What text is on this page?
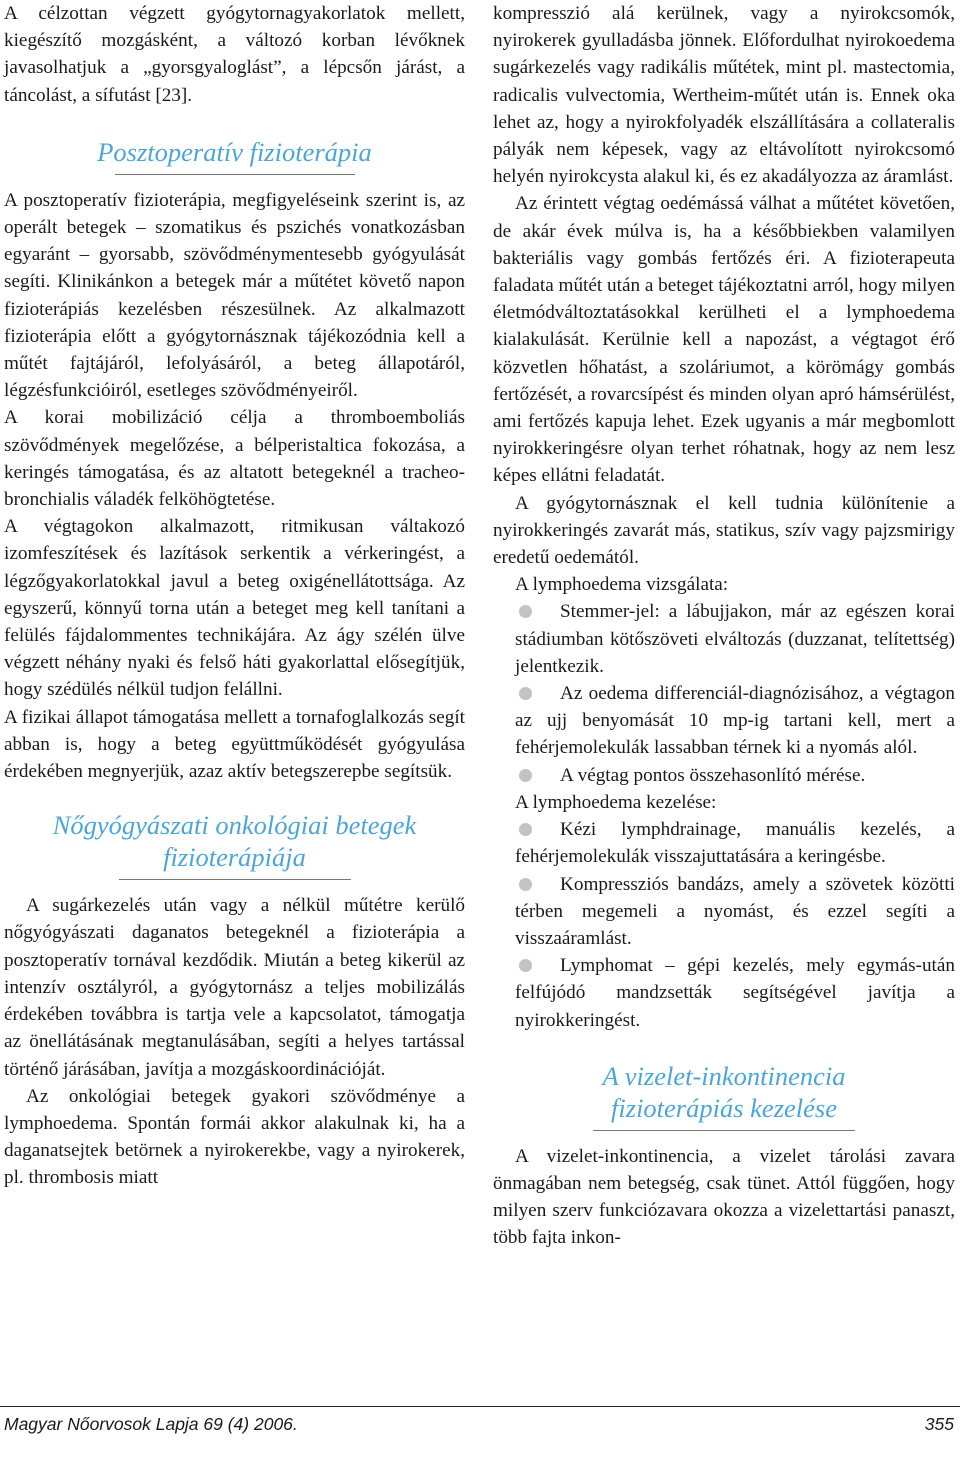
A célzottan végzett gyógytornagyakorlatok mellett, kiegészítő mozgásként, a változó korban lévőknek javasolhatjuk a „gyorsgyaloglást”, a lépcsőn járást, a táncolást, a sífutást [23].

Posztoperatív fizioterápia

A posztoperatív fizioterápia, megfigyeléseink szerint is, az operált betegek – szomatikus és pszichés vonatkozásban egyaránt – gyorsabb, szövődménymentesebb gyógyulását segíti. Klinikánkon a betegek már a műtétet követő napon fizioterápiás kezelésben részesülnek. Az alkalmazott fizioterápia előtt a gyógytornásznak tájékozódnia kell a műtét fajtájáról, lefolyásáról, a beteg állapotáról, légzésfunkcióiról, esetleges szövődményeiről.

A korai mobilizáció célja a thromboemboliás szövődmények megelőzése, a bélperistaltica fokozása, a keringés támogatása, és az altatott betegeknél a tracheo-bronchialis váladék felköhögtetése.

A végtagokon alkalmazott, ritmikusan váltakozó izomfeszítések és lazítások serkentik a vérkeringést, a légzőgyakorlatokkal javul a beteg oxigénellátottsága. Az egyszerű, könnyű torna után a beteget meg kell tanítani a felülés fájdalommentes technikájára. Az ágy szélén ülve végzett néhány nyaki és felső háti gyakorlattal elősegítjük, hogy szédülés nélkül tudjon felállni.

A fizikai állapot támogatása mellett a tornafoglalkozás segít abban is, hogy a beteg együttműködését gyógyulása érdekében megnyerjük, azaz aktív betegszerepbe segítsük.

Nőgyógyászati onkológiai betegek
fizioterápiája

A sugárkezelés után vagy a nélkül műtétre kerülő nőgyógyászati daganatos betegeknél a fizioterápia a posztoperatív tornával kezdődik. Miután a beteg kikerül az intenzív osztályról, a gyógytornász a teljes mobilizálás érdekében továbbra is tartja vele a kapcsolatot, támogatja az önellátásának megtanulásában, segíti a helyes tartással történő járásában, javítja a mozgáskoordinációját.

Az onkológiai betegek gyakori szövődménye a lymphoedema. Spontán formái akkor alakulnak ki, ha a daganatsejtek betörnek a nyirokerekbe, vagy a nyirokerek, pl. thrombosis miatt

kompresszió alá kerülnek, vagy a nyirokcsomók, nyirokerek gyulladásba jönnek. Előfordulhat nyirokoedema sugárkezelés vagy radikális műtétek, mint pl. mastectomia, radicalis vulvectomia, Wertheim-műtét után is. Ennek oka lehet az, hogy a nyirokfolyadék elszállítására a collateralis pályák nem képesek, vagy az eltávolított nyirokcsomó helyén nyirokcysta alakul ki, és ez akadályozza az áramlást.

Az érintett végtag oedémássá válhat a műtétet követően, de akár évek múlva is, ha a későbbiekben valamilyen bakteriális vagy gombás fertőzés éri. A fizioterapeuta faladata műtét után a beteget tájékoztatni arról, hogy milyen életmódváltoztatásokkal kerülheti el a lymphoedema kialakulását. Kerülnie kell a napozást, a végtagot érő közvetlen hőhatást, a szoláriumot, a körömágy gombás fertőzését, a rovarcsípést és minden olyan apró hámsérülést, ami fertőzés kapuja lehet. Ezek ugyanis a már megbomlott nyirokkeringésre olyan terhet róhatnak, hogy az nem lesz képes ellátni feladatát.

A gyógytornásznak el kell tudnia különítenie a nyirokkeringés zavarát más, statikus, szív vagy pajzsmirigy eredetű oedemától.

A lymphoedema vizsgálata:

Stemmer-jel: a lábujjakon, már az egészen korai stádiumban kötőszöveti elváltozás (duzzanat, telítettség) jelentkezik.

Az oedema differenciál-diagnózisához, a végtagon az ujj benyomását 10 mp-ig tartani kell, mert a fehérjemolekulák lassabban térnek ki a nyomás alól.

A végtag pontos összehasonlító mérése.

A lymphoedema kezelése:

Kézi lymphdrainage, manuális kezelés, a fehérjemolekulák visszajuttatására a keringésbe.

Kompressziós bandázs, amely a szövetek közötti térben megemeli a nyomást, és ezzel segíti a visszaáramlást.

Lymphomat – gépi kezelés, mely egymás-után felfújódó mandzsetták segítségével javítja a nyirokkeringést.

A vizelet-inkontinencia
fizioterápiás kezelése

A vizelet-inkontinencia, a vizelet tárolási zavara önmagában nem betegség, csak tünet. Attól függően, hogy milyen szerv funkciózavara okozza a vizelettartási panaszt, több fajta inkon-

Magyar Nőorvosok Lapja 69 (4) 2006.	355
